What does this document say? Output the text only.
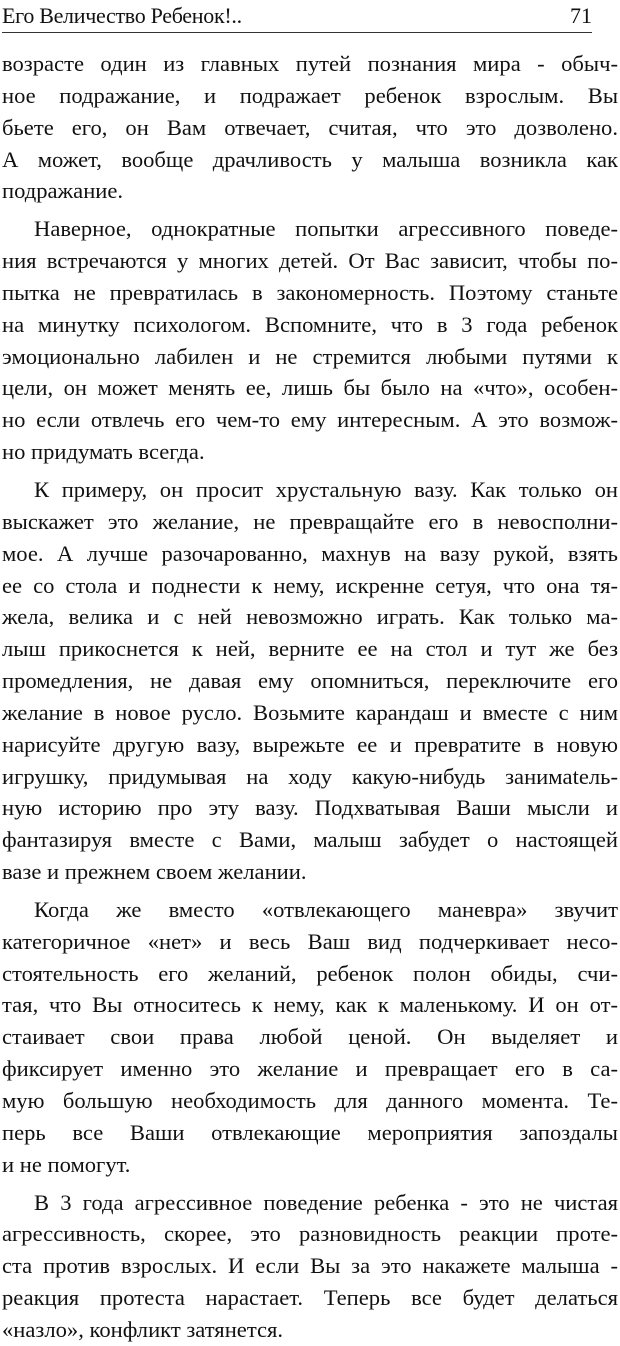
Его Величество Ребенок!..	71
возрасте один из главных путей познания мира - обыч-
ное подражание, и подражает ребенок взрослым. Вы
бьете его, он Вам отвечает, считая, что это дозволено.
А может, вообще драчливость у малыша возникла как
подражание.
Наверное, однократные попытки агрессивного поведе-
ния встречаются у многих детей. От Вас зависит, чтобы по-
пытка не превратилась в закономерность. Поэтому станьте
на минутку психологом. Вспомните, что в 3 года ребенок
эмоционально лабилен и не стремится любыми путями к
цели, он может менять ее, лишь бы было на «что», особен-
но если отвлечь его чем-то ему интересным. А это возмож-
но придумать всегда.
К примеру, он просит хрустальную вазу. Как только он
выскажет это желание, не превращайте его в невосполни-
мое. А лучше разочарованно, махнув на вазу рукой, взять
ее со стола и поднести к нему, искренне сетуя, что она тя-
жела, велика и с ней невозможно играть. Как только ма-
лыш прикоснется к ней, верните ее на стол и тут же без
промедления, не давая ему опомниться, переключите его
желание в новое русло. Возьмите карандаш и вместе с ним
нарисуйте другую вазу, вырежьте ее и превратите в новую
игрушку, придумывая на ходу какую-нибудь занимatель-
ную историю про эту вазу. Подхватывая Ваши мысли и
фантазируя вместе с Вами, малыш забудет о настоящей
вазе и прежнем своем желании.
Когда же вместо «отвлекающего маневра» звучит
категоричное «нет» и весь Ваш вид подчеркивает несо-
стоятельность его желаний, ребенок полон обиды, счи-
тая, что Вы относитесь к нему, как к маленькому. И он от-
стаивает свои права любой ценой. Он выделяет и
фиксирует именно это желание и превращает его в са-
мую большую необходимость для данного момента. Те-
перь все Ваши отвлекающие мероприятия запоздалы
и не помогут.
В 3 года агрессивное поведение ребенка - это не чистая
агрессивность, скорее, это разновидность реакции проте-
ста против взрослых. И если Вы за это накажете малыша -
реакция протеста нарастает. Теперь все будет делаться
«назло», конфликт затянется.
